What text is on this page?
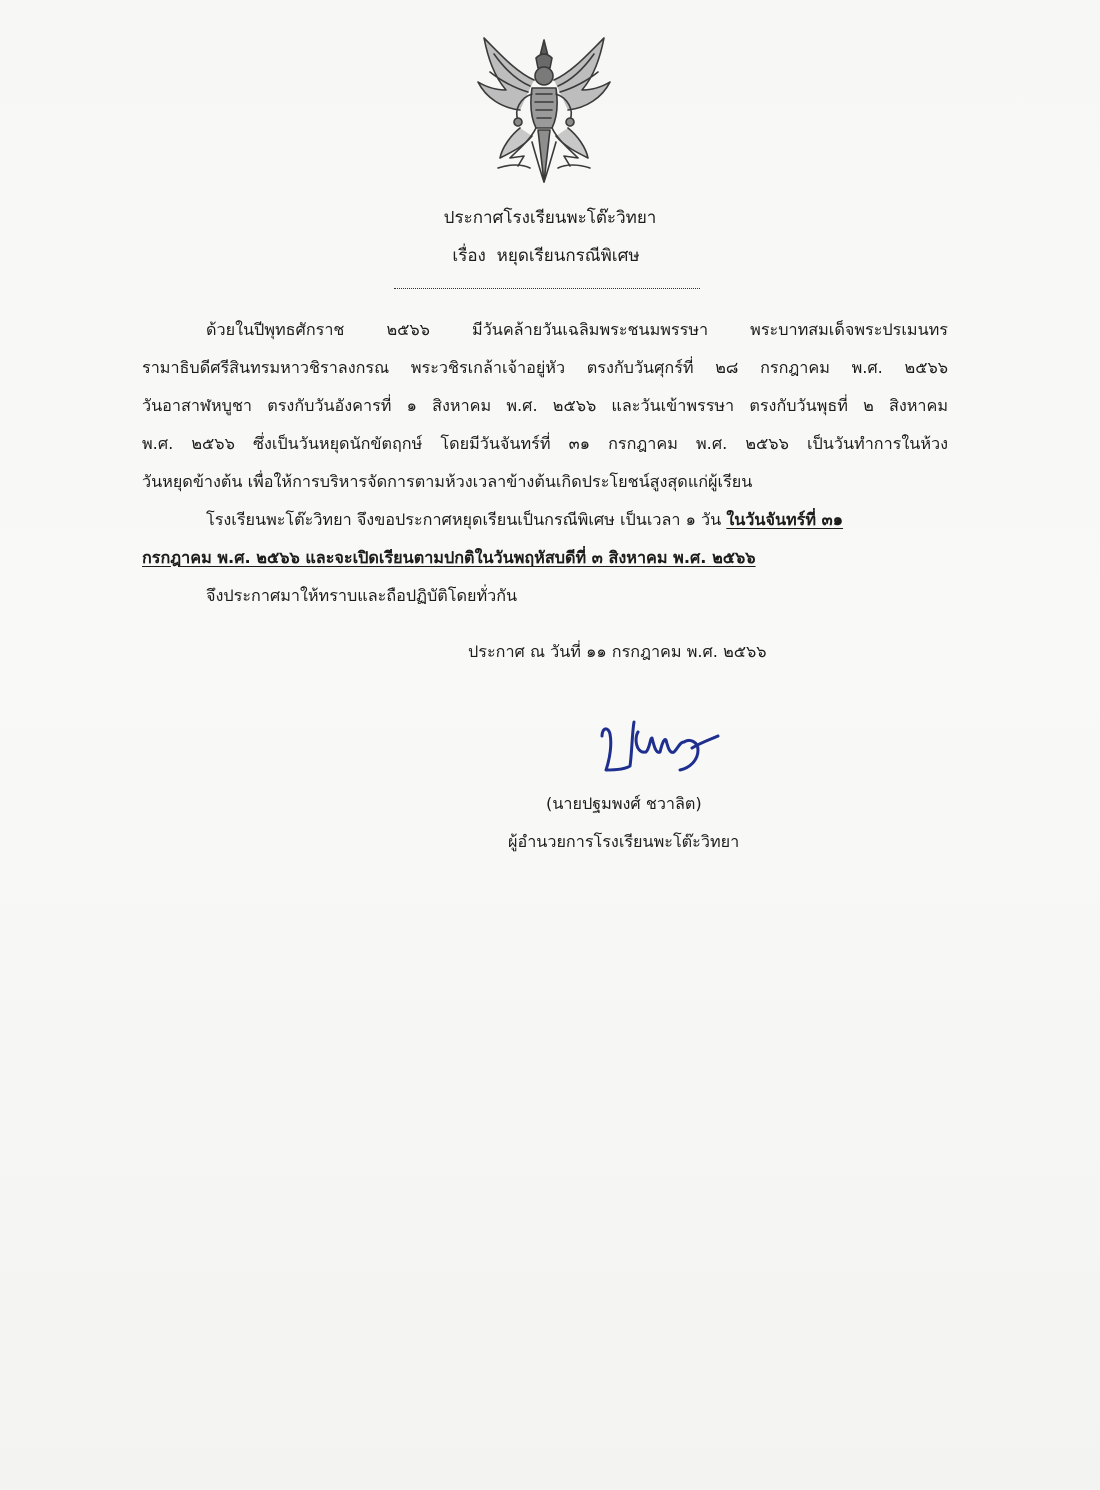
ประกาศโรงเรียนพะโต๊ะวิทยา
เรื่อง หยุดเรียนกรณีพิเศษ
ด้วยในปีพุทธศักราช ๒๕๖๖ มีวันคล้ายวันเฉลิมพระชนมพรรษา พระบาทสมเด็จพระปรเมนทร
รามาธิบดีศรีสินทรมหาวชิราลงกรณ พระวชิรเกล้าเจ้าอยู่หัว ตรงกับวันศุกร์ที่ ๒๘ กรกฎาคม พ.ศ. ๒๕๖๖
วันอาสาฬหบูชา ตรงกับวันอังคารที่ ๑ สิงหาคม พ.ศ. ๒๕๖๖ และวันเข้าพรรษา ตรงกับวันพุธที่ ๒ สิงหาคม
พ.ศ. ๒๕๖๖ ซึ่งเป็นวันหยุดนักขัตฤกษ์ โดยมีวันจันทร์ที่ ๓๑ กรกฎาคม พ.ศ. ๒๕๖๖ เป็นวันทำการในห้วง
วันหยุดข้างต้น เพื่อให้การบริหารจัดการตามห้วงเวลาข้างต้นเกิดประโยชน์สูงสุดแก่ผู้เรียน
โรงเรียนพะโต๊ะวิทยา จึงขอประกาศหยุดเรียนเป็นกรณีพิเศษ เป็นเวลา ๑ วัน ในวันจันทร์ที่ ๓๑
กรกฎาคม พ.ศ. ๒๕๖๖ และจะเปิดเรียนตามปกติในวันพฤหัสบดีที่ ๓ สิงหาคม พ.ศ. ๒๕๖๖
จึงประกาศมาให้ทราบและถือปฏิบัติโดยทั่วกัน
ประกาศ ณ วันที่ ๑๑ กรกฎาคม พ.ศ. ๒๕๖๖
(นายปฐมพงศ์ ชวาลิต)
ผู้อำนวยการโรงเรียนพะโต๊ะวิทยา
